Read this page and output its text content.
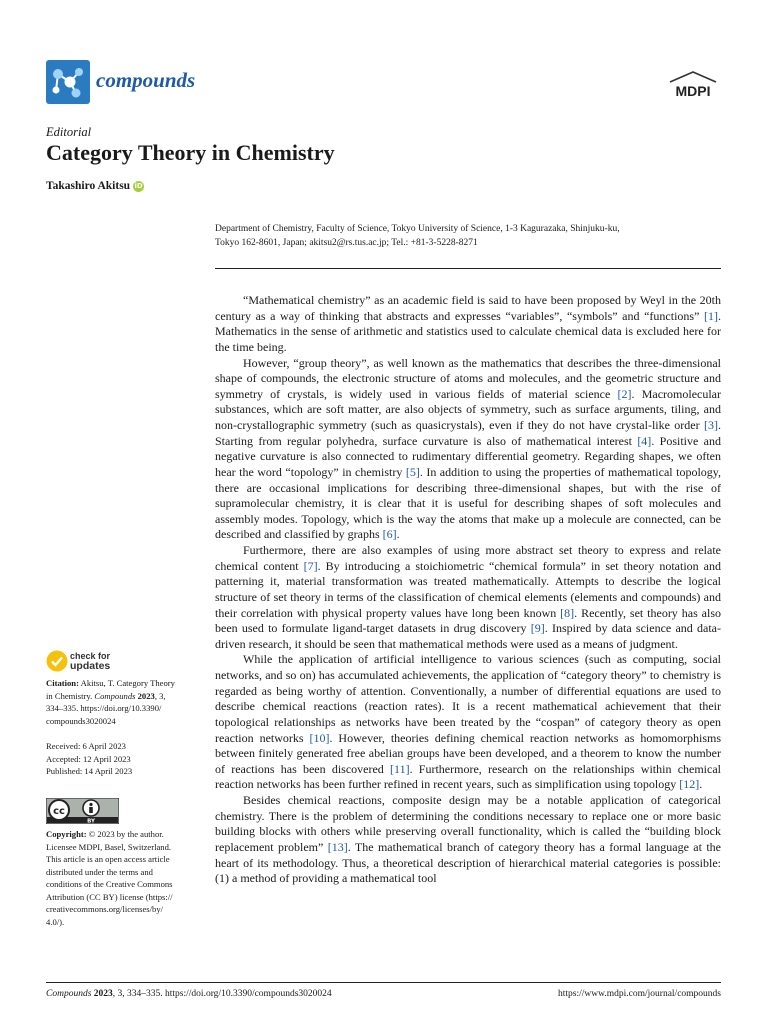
compounds	MDPI
Editorial
Category Theory in Chemistry
Takashiro Akitsu iD
Department of Chemistry, Faculty of Science, Tokyo University of Science, 1-3 Kagurazaka, Shinjuku-ku,
Tokyo 162-8601, Japan; akitsu2@rs.tus.ac.jp; Tel.: +81-3-5228-8271

“Mathematical chemistry” as an academic field is said to have been proposed by Weyl in the 20th century as a way of thinking that abstracts and expresses “variables”, “symbols” and “functions” [1]. Mathematics in the sense of arithmetic and statistics used to calculate chemical data is excluded here for the time being.

However, “group theory”, as well known as the mathematics that describes the three-dimensional shape of compounds, the electronic structure of atoms and molecules, and the geometric structure and symmetry of crystals, is widely used in various fields of material science [2]. Macromolecular substances, which are soft matter, are also objects of symmetry, such as surface arguments, tiling, and non-crystallographic symmetry (such as quasicrystals), even if they do not have crystal-like order [3]. Starting from regular polyhedra, surface curvature is also of mathematical interest [4]. Positive and negative curvature is also connected to rudimentary differential geometry. Regarding shapes, we often hear the word “topology” in chemistry [5]. In addition to using the properties of mathematical topology, there are occasional implications for describing three-dimensional shapes, but with the rise of supramolecular chemistry, it is clear that it is useful for describing shapes of soft molecules and assembly modes. Topology, which is the way the atoms that make up a molecule are connected, can be described and classified by graphs [6].

Furthermore, there are also examples of using more abstract set theory to express and relate chemical content [7]. By introducing a stoichiometric “chemical formula” in set theory notation and patterning it, material transformation was treated mathematically. Attempts to describe the logical structure of set theory in terms of the classification of chemical elements (elements and compounds) and their correlation with physical property values have long been known [8]. Recently, set theory has also been used to formulate ligand-target datasets in drug discovery [9]. Inspired by data science and data-driven research, it should be seen that mathematical methods were used as a means of judgment.

While the application of artificial intelligence to various sciences (such as computing, social networks, and so on) has accumulated achievements, the application of “category theory” to chemistry is regarded as being worthy of attention. Conventionally, a number of differential equations are used to describe chemical reactions (reaction rates). It is a recent mathematical achievement that their topological relationships as networks have been treated by the “cospan” of category theory as open reaction networks [10]. However, theories defining chemical reaction networks as homomorphisms between finitely generated free abelian groups have been developed, and a theorem to know the number of reactions has been discovered [11]. Furthermore, research on the relationships within chemical reaction networks has been further refined in recent years, such as simplification using topology [12].

Besides chemical reactions, composite design may be a notable application of categorical chemistry. There is the problem of determining the conditions necessary to replace one or more basic building blocks with others while preserving overall functionality, which is called the “building block replacement problem” [13]. The mathematical branch of category theory has a formal language at the heart of its methodology. Thus, a theoretical description of hierarchical material categories is possible: (1) a method of providing a mathematical tool

check for
updates
Citation: Akitsu, T. Category Theory
in Chemistry. Compounds 2023, 3,
334–335. https://doi.org/10.3390/
compounds3020024
Received: 6 April 2023
Accepted: 12 April 2023
Published: 14 April 2023
cc
BY
Copyright: © 2023 by the author.
Licensee MDPI, Basel, Switzerland.
This article is an open access article
distributed under the terms and
conditions of the Creative Commons
Attribution (CC BY) license (https://
creativecommons.org/licenses/by/
4.0/).
Compounds 2023, 3, 334–335. https://doi.org/10.3390/compounds3020024	https://www.mdpi.com/journal/compounds
